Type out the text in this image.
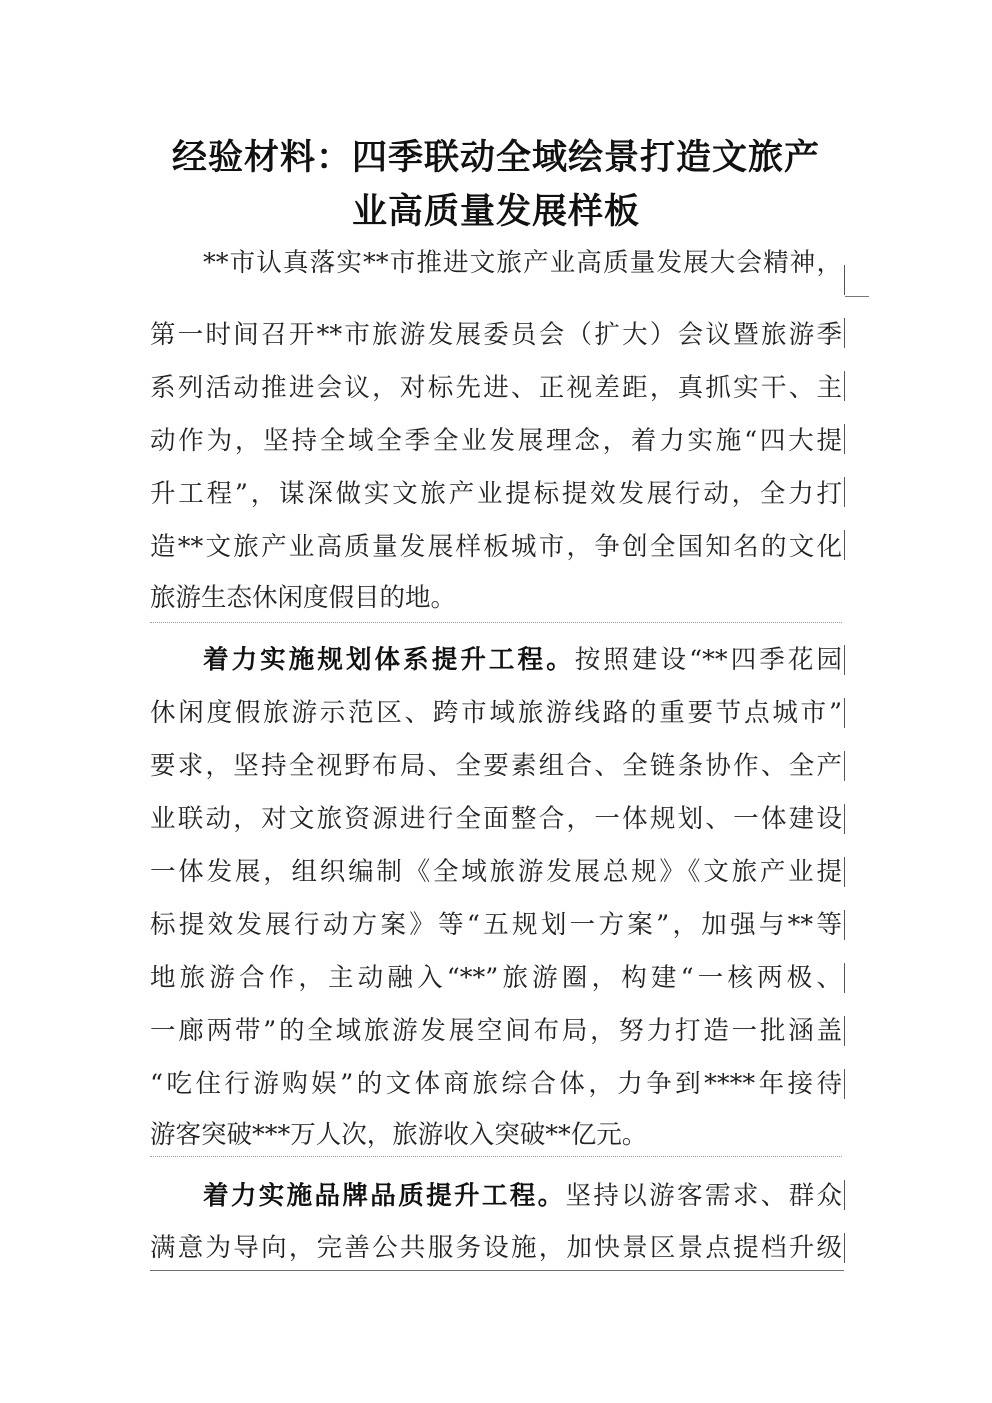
经验材料：四季联动全域绘景打造文旅产
业高质量发展样板
**市认真落实**市推进文旅产业高质量发展大会精神，
第一时间召开**市旅游发展委员会（扩大）会议暨旅游季
系列活动推进会议，对标先进、正视差距，真抓实干、主
动作为，坚持全域全季全业发展理念，着力实施“四大提
升工程”，谋深做实文旅产业提标提效发展行动，全力打
造**文旅产业高质量发展样板城市，争创全国知名的文化
旅游生态休闲度假目的地。
着力实施规划体系提升工程。按照建设“**四季花园
休闲度假旅游示范区、跨市域旅游线路的重要节点城市”
要求，坚持全视野布局、全要素组合、全链条协作、全产
业联动，对文旅资源进行全面整合，一体规划、一体建设
一体发展，组织编制《全域旅游发展总规》《文旅产业提
标提效发展行动方案》等“五规划一方案”，加强与**等
地旅游合作，主动融入“**”旅游圈，构建“一核两极、
一廊两带”的全域旅游发展空间布局，努力打造一批涵盖
“吃住行游购娱”的文体商旅综合体，力争到****年接待
游客突破***万人次，旅游收入突破**亿元。
着力实施品牌品质提升工程。坚持以游客需求、群众
满意为导向，完善公共服务设施，加快景区景点提档升级
